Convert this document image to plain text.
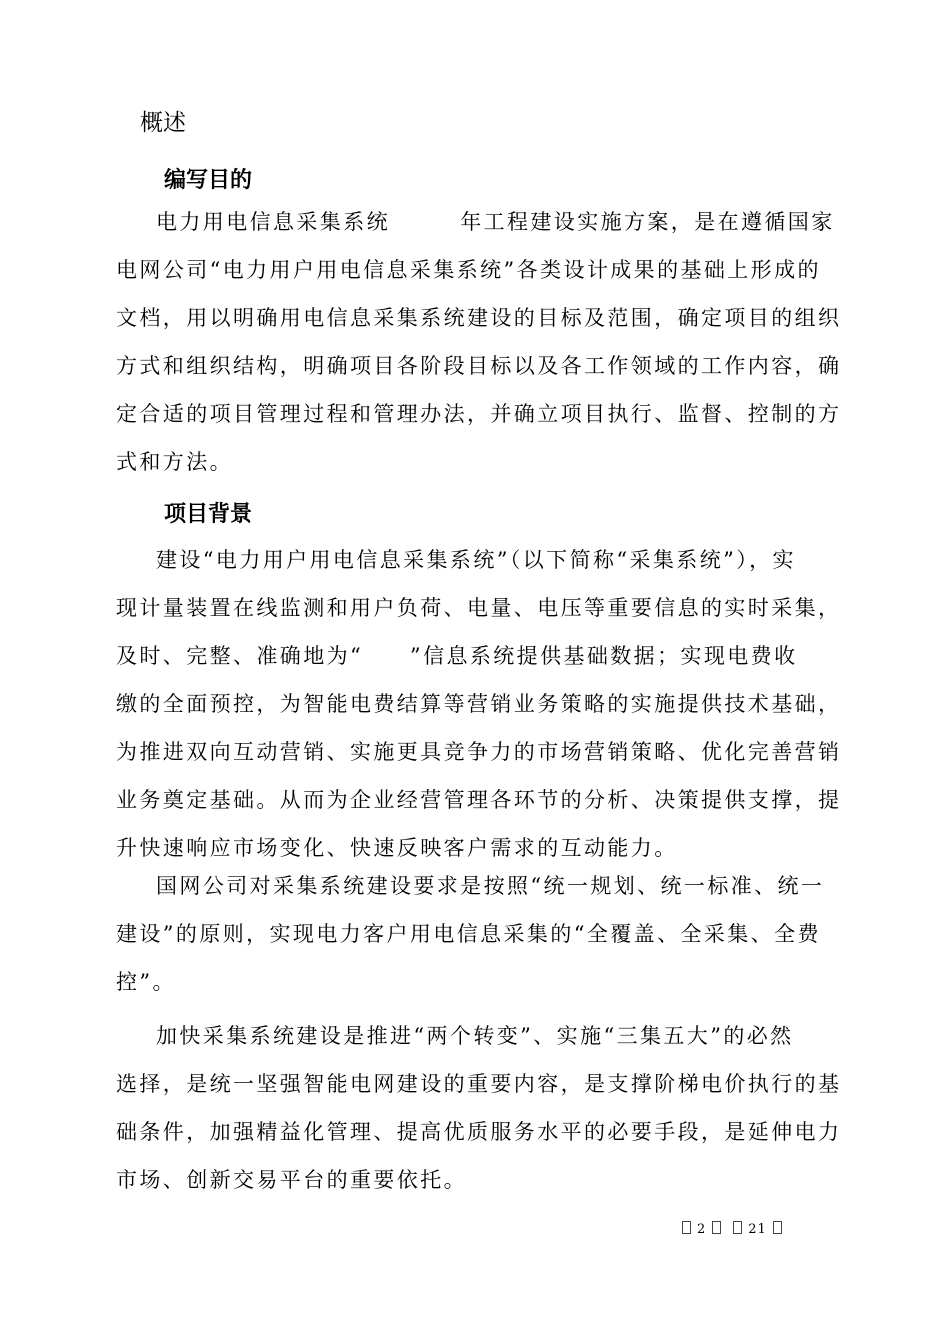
概述
编写目的
电力用电信息采集系统　　　年工程建设实施方案，是在遵循国家
电网公司“电力用户用电信息采集系统”各类设计成果的基础上形成的
文档，用以明确用电信息采集系统建设的目标及范围，确定项目的组织
方式和组织结构，明确项目各阶段目标以及各工作领域的工作内容，确
定合适的项目管理过程和管理办法，并确立项目执行、监督、控制的方
式和方法。
项目背景
建设“电力用户用电信息采集系统”（以下简称“采集系统”），实
现计量装置在线监测和用户负荷、电量、电压等重要信息的实时采集，
及时、完整、准确地为“　　”信息系统提供基础数据；实现电费收
缴的全面预控，为智能电费结算等营销业务策略的实施提供技术基础，
为推进双向互动营销、实施更具竞争力的市场营销策略、优化完善营销
业务奠定基础。从而为企业经营管理各环节的分析、决策提供支撑，提
升快速响应市场变化、快速反映客户需求的互动能力。
国网公司对采集系统建设要求是按照“统一规划、统一标准、统一
建设”的原则，实现电力客户用电信息采集的“全覆盖、全采集、全费
控”。
加快采集系统建设是推进“两个转变”、实施“三集五大”的必然
选择，是统一坚强智能电网建设的重要内容，是支撑阶梯电价执行的基
础条件，加强精益化管理、提高优质服务水平的必要手段，是延伸电力
市场、创新交易平台的重要依托。
2	21
